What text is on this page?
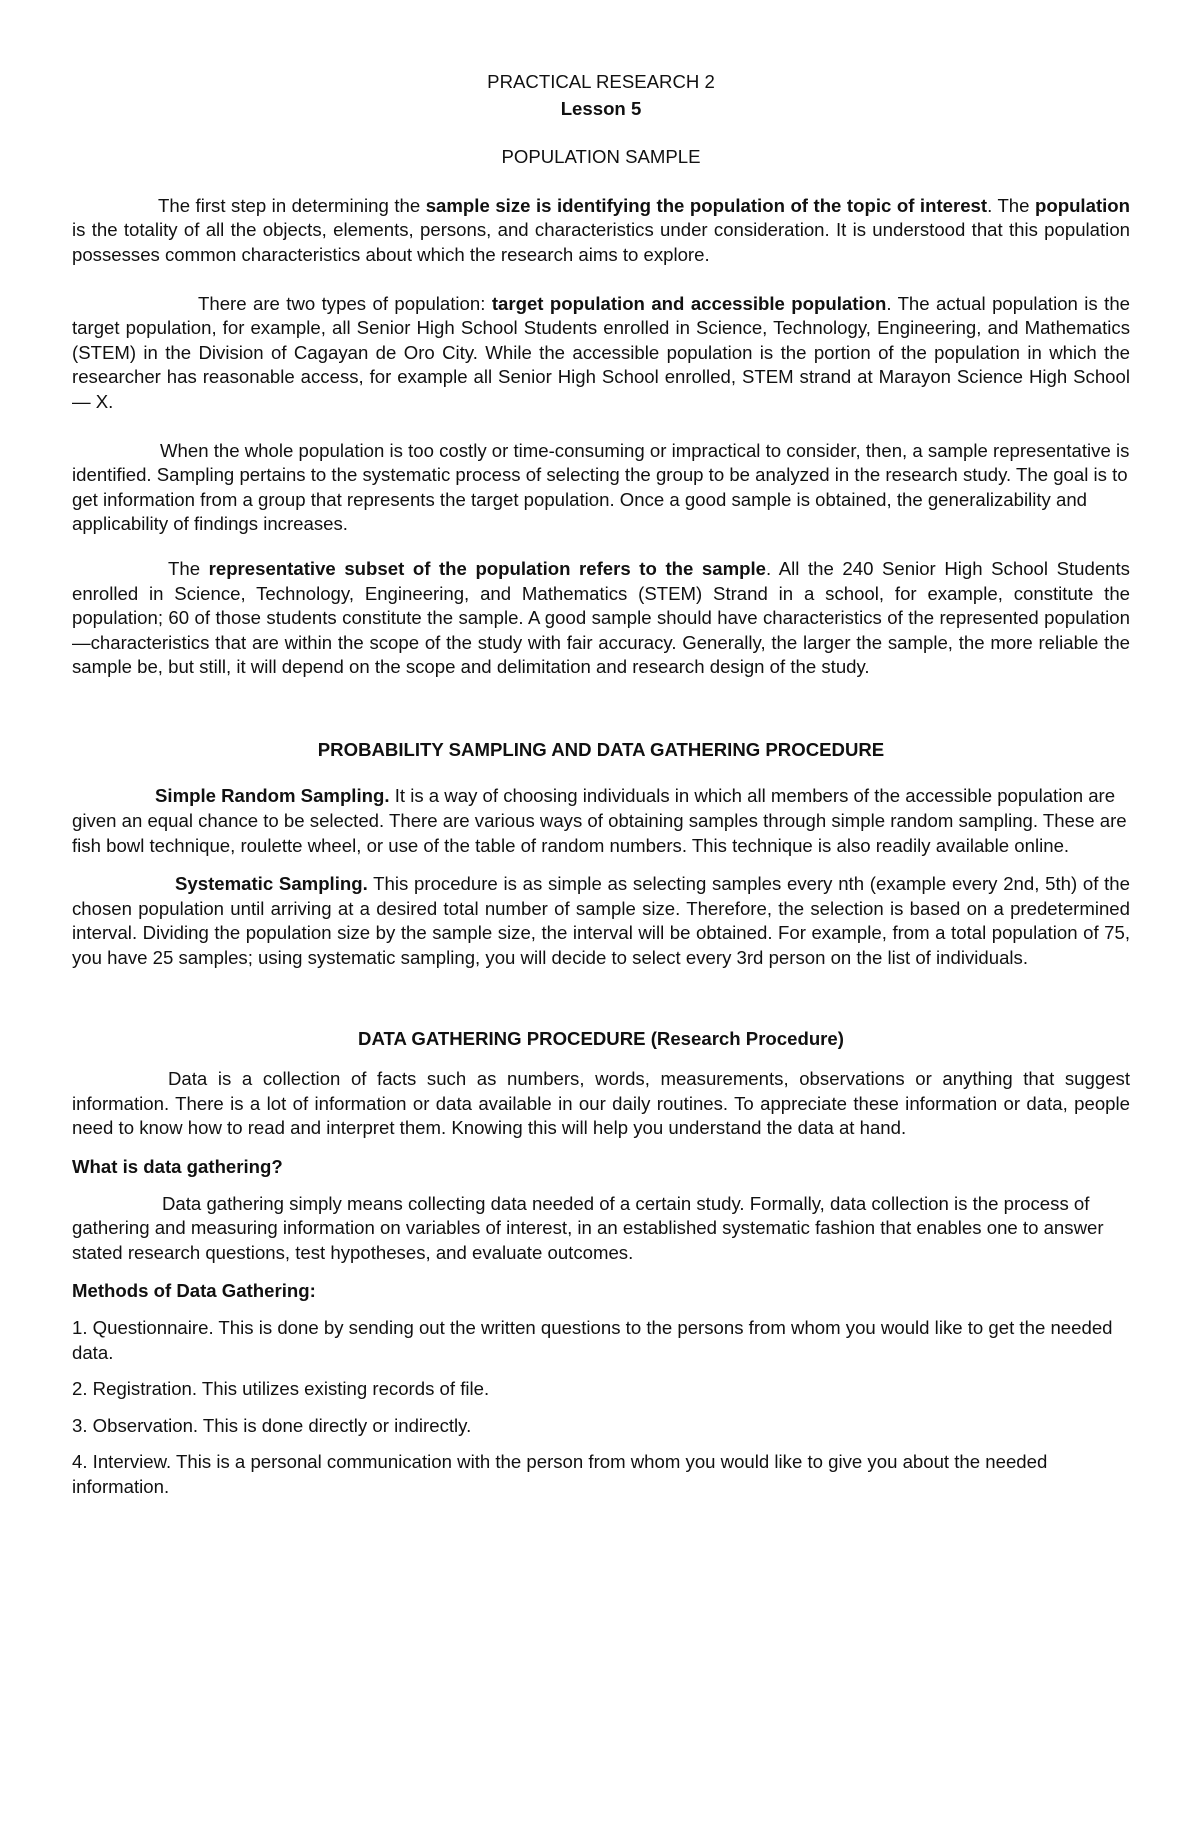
PRACTICAL RESEARCH 2

Lesson 5

POPULATION SAMPLE

The first step in determining the sample size is identifying the population of the topic of interest. The population is the totality of all the objects, elements, persons, and characteristics under consideration. It is understood that this population possesses common characteristics about which the research aims to explore.

There are two types of population: target population and accessible population. The actual population is the target population, for example, all Senior High School Students enrolled in Science, Technology, Engineering, and Mathematics (STEM) in the Division of Cagayan de Oro City. While the accessible population is the portion of the population in which the researcher has reasonable access, for example all Senior High School enrolled, STEM strand at Marayon Science High School — X.

When the whole population is too costly or time-consuming or impractical to consider, then, a sample representative is identified. Sampling pertains to the systematic process of selecting the group to be analyzed in the research study. The goal is to get information from a group that represents the target population. Once a good sample is obtained, the generalizability and applicability of findings increases.

The representative subset of the population refers to the sample. All the 240 Senior High School Students enrolled in Science, Technology, Engineering, and Mathematics (STEM) Strand in a school, for example, constitute the population; 60 of those students constitute the sample. A good sample should have characteristics of the represented population —characteristics that are within the scope of the study with fair accuracy. Generally, the larger the sample, the more reliable the sample be, but still, it will depend on the scope and delimitation and research design of the study.

PROBABILITY SAMPLING AND DATA GATHERING PROCEDURE

Simple Random Sampling. It is a way of choosing individuals in which all members of the accessible population are given an equal chance to be selected. There are various ways of obtaining samples through simple random sampling. These are fish bowl technique, roulette wheel, or use of the table of random numbers. This technique is also readily available online.

Systematic Sampling. This procedure is as simple as selecting samples every nth (example every 2nd, 5th) of the chosen population until arriving at a desired total number of sample size. Therefore, the selection is based on a predetermined interval. Dividing the population size by the sample size, the interval will be obtained. For example, from a total population of 75, you have 25 samples; using systematic sampling, you will decide to select every 3rd person on the list of individuals.

DATA GATHERING PROCEDURE (Research Procedure)

Data is a collection of facts such as numbers, words, measurements, observations or anything that suggest information. There is a lot of information or data available in our daily routines. To appreciate these information or data, people need to know how to read and interpret them. Knowing this will help you understand the data at hand.

What is data gathering?

Data gathering simply means collecting data needed of a certain study. Formally, data collection is the process of gathering and measuring information on variables of interest, in an established systematic fashion that enables one to answer stated research questions, test hypotheses, and evaluate outcomes.

Methods of Data Gathering:

1. Questionnaire. This is done by sending out the written questions to the persons from whom you would like to get the needed data.

2. Registration. This utilizes existing records of file.

3. Observation. This is done directly or indirectly.

4. Interview. This is a personal communication with the person from whom you would like to give you about the needed information.
